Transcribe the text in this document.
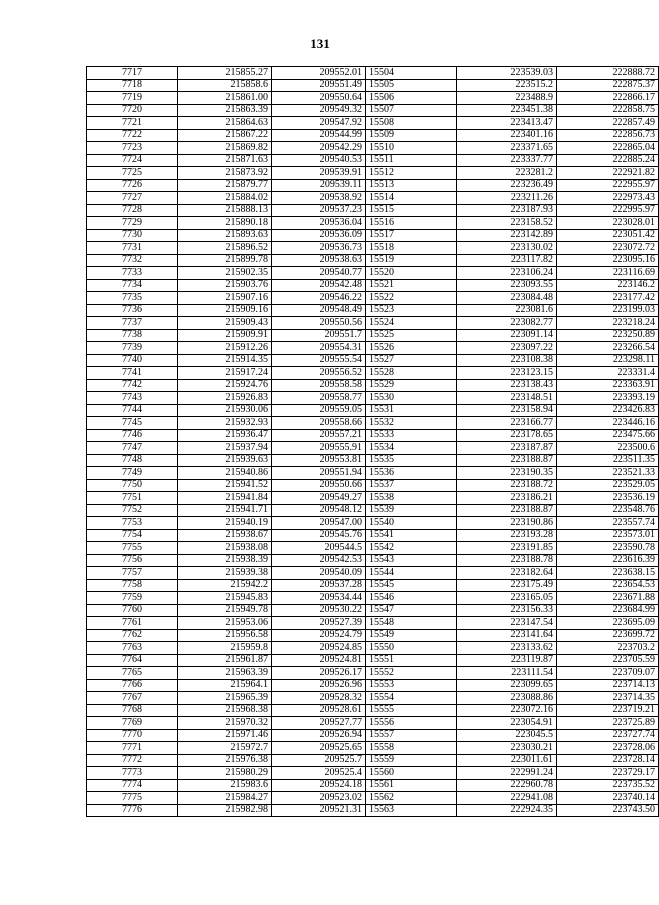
131
7717	215855.27	209552.01	15504	223539.03	222888.72
7718	215858.6	209551.49	15505	223515.2	222875.37
7719	215861.00	209550.64	15506	223488.9	222866.17
7720	215863.39	209549.32	15507	223451.38	222858.75
7721	215864.63	209547.92	15508	223413.47	222857.49
7722	215867.22	209544.99	15509	223401.16	222856.73
7723	215869.82	209542.29	15510	223371.65	222865.04
7724	215871.63	209540.53	15511	223337.77	222885.24
7725	215873.92	209539.91	15512	223281.2	222921.82
7726	215879.77	209539.11	15513	223236.49	222955.97
7727	215884.02	209538.92	15514	223211.26	222973.43
7728	215888.13	209537.23	15515	223187.93	222995.97
7729	215890.18	209536.04	15516	223158.52	223028.01
7730	215893.63	209536.09	15517	223142.89	223051.42
7731	215896.52	209536.73	15518	223130.02	223072.72
7732	215899.78	209538.63	15519	223117.82	223095.16
7733	215902.35	209540.77	15520	223106.24	223116.69
7734	215903.76	209542.48	15521	223093.55	223146.2
7735	215907.16	209546.22	15522	223084.48	223177.42
7736	215909.16	209548.49	15523	223081.6	223199.03
7737	215909.43	209550.56	15524	223082.77	223218.24
7738	215909.91	209551.7	15525	223091.14	223250.89
7739	215912.26	209554.31	15526	223097.22	223266.54
7740	215914.35	209555.54	15527	223108.38	223298.11
7741	215917.24	209556.52	15528	223123.15	223331.4
7742	215924.76	209558.58	15529	223138.43	223363.91
7743	215926.83	209558.77	15530	223148.51	223393.19
7744	215930.06	209559.05	15531	223158.94	223426.83
7745	215932.93	209558.66	15532	223166.77	223446.16
7746	215936.47	209557.21	15533	223178.65	223475.66
7747	215937.94	209555.91	15534	223187.87	223500.6
7748	215939.63	209553.81	15535	223188.87	223511.35
7749	215940.86	209551.94	15536	223190.35	223521.33
7750	215941.52	209550.66	15537	223188.72	223529.05
7751	215941.84	209549.27	15538	223186.21	223536.19
7752	215941.71	209548.12	15539	223188.87	223548.76
7753	215940.19	209547.00	15540	223190.86	223557.74
7754	215938.67	209545.76	15541	223193.28	223573.01
7755	215938.08	209544.5	15542	223191.85	223590.78
7756	215938.39	209542.53	15543	223188.78	223616.39
7757	215939.38	209540.09	15544	223182.64	223638.15
7758	215942.2	209537.28	15545	223175.49	223654.53
7759	215945.83	209534.44	15546	223165.05	223671.88
7760	215949.78	209530.22	15547	223156.33	223684.99
7761	215953.06	209527.39	15548	223147.54	223695.09
7762	215956.58	209524.79	15549	223141.64	223699.72
7763	215959.8	209524.85	15550	223133.62	223703.2
7764	215961.87	209524.81	15551	223119.87	223705.59
7765	215963.39	209526.17	15552	223111.54	223709.07
7766	215964.1	209526.96	15553	223099.65	223714.13
7767	215965.39	209528.32	15554	223088.86	223714.35
7768	215968.38	209528.61	15555	223072.16	223719.21
7769	215970.32	209527.77	15556	223054.91	223725.89
7770	215971.46	209526.94	15557	223045.5	223727.74
7771	215972.7	209525.65	15558	223030.21	223728.06
7772	215976.38	209525.7	15559	223011.61	223728.14
7773	215980.29	209525.4	15560	222991.24	223729.17
7774	215983.6	209524.18	15561	222960.78	223735.52
7775	215984.27	209523.02	15562	222941.08	223740.14
7776	215982.98	209521.31	15563	222924.35	223743.50
